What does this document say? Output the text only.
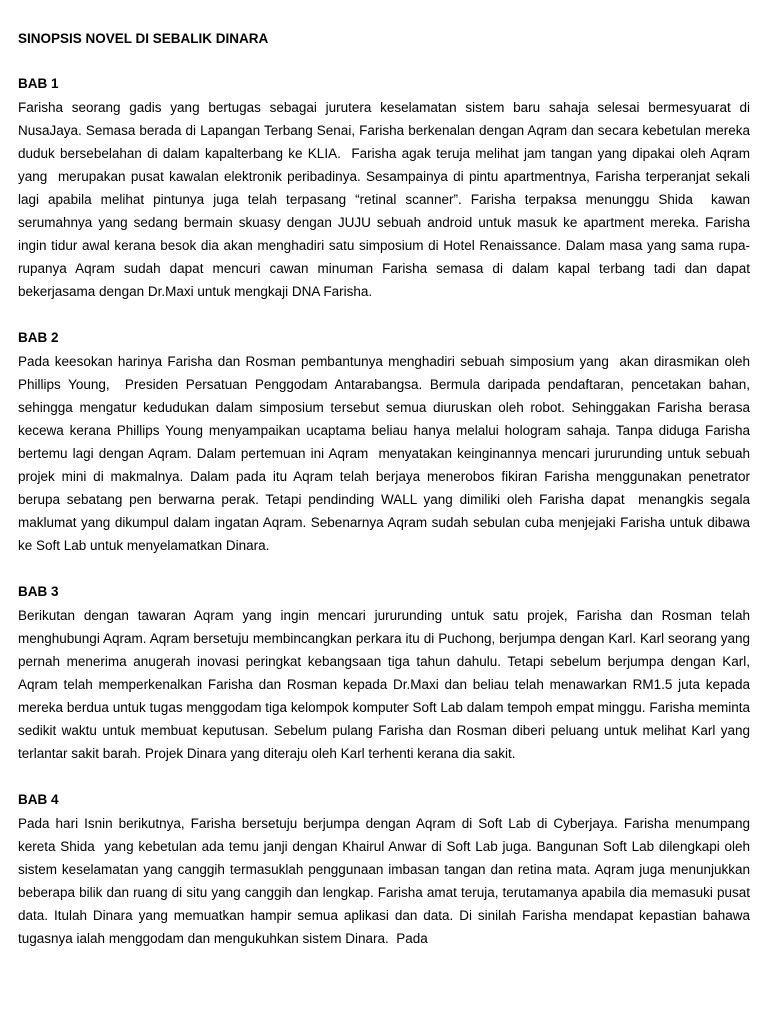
SINOPSIS NOVEL DI SEBALIK DINARA
BAB 1

Farisha seorang gadis yang bertugas sebagai jurutera keselamatan sistem baru sahaja selesai bermesyuarat di NusaJaya. Semasa berada di Lapangan Terbang Senai, Farisha berkenalan dengan Aqram dan secara kebetulan mereka duduk bersebelahan di dalam kapalterbang ke KLIA.  Farisha agak teruja melihat jam tangan yang dipakai oleh Aqram yang  merupakan pusat kawalan elektronik peribadinya. Sesampainya di pintu apartmentnya, Farisha terperanjat sekali lagi apabila melihat pintunya juga telah terpasang “retinal scanner”. Farisha terpaksa menunggu Shida  kawan serumahnya yang sedang bermain skuasy dengan JUJU sebuah android untuk masuk ke apartment mereka. Farisha ingin tidur awal kerana besok dia akan menghadiri satu simposium di Hotel Renaissance. Dalam masa yang sama rupa-rupanya Aqram sudah dapat mencuri cawan minuman Farisha semasa di dalam kapal terbang tadi dan dapat bekerjasama dengan Dr.Maxi untuk mengkaji DNA Farisha.

BAB 2

Pada keesokan harinya Farisha dan Rosman pembantunya menghadiri sebuah simposium yang  akan dirasmikan oleh Phillips Young,  Presiden Persatuan Penggodam Antarabangsa. Bermula daripada pendaftaran, pencetakan bahan, sehingga mengatur kedudukan dalam simposium tersebut semua diuruskan oleh robot. Sehinggakan Farisha berasa kecewa kerana Phillips Young menyampaikan ucaptama beliau hanya melalui hologram sahaja. Tanpa diduga Farisha bertemu lagi dengan Aqram. Dalam pertemuan ini Aqram  menyatakan keinginannya mencari jururunding untuk sebuah projek mini di makmalnya. Dalam pada itu Aqram telah berjaya menerobos fikiran Farisha menggunakan penetrator berupa sebatang pen berwarna perak. Tetapi pendinding WALL yang dimiliki oleh Farisha dapat  menangkis segala maklumat yang dikumpul dalam ingatan Aqram. Sebenarnya Aqram sudah sebulan cuba menjejaki Farisha untuk dibawa ke Soft Lab untuk menyelamatkan Dinara.

BAB 3

Berikutan dengan tawaran Aqram yang ingin mencari jururunding untuk satu projek, Farisha dan Rosman telah menghubungi Aqram. Aqram bersetuju membincangkan perkara itu di Puchong, berjumpa dengan Karl. Karl seorang yang pernah menerima anugerah inovasi peringkat kebangsaan tiga tahun dahulu. Tetapi sebelum berjumpa dengan Karl, Aqram telah memperkenalkan Farisha dan Rosman kepada Dr.Maxi dan beliau telah menawarkan RM1.5 juta kepada mereka berdua untuk tugas menggodam tiga kelompok komputer Soft Lab dalam tempoh empat minggu. Farisha meminta sedikit waktu untuk membuat keputusan. Sebelum pulang Farisha dan Rosman diberi peluang untuk melihat Karl yang terlantar sakit barah. Projek Dinara yang diteraju oleh Karl terhenti kerana dia sakit.

BAB 4

Pada hari Isnin berikutnya, Farisha bersetuju berjumpa dengan Aqram di Soft Lab di Cyberjaya. Farisha menumpang kereta Shida  yang kebetulan ada temu janji dengan Khairul Anwar di Soft Lab juga. Bangunan Soft Lab dilengkapi oleh sistem keselamatan yang canggih termasuklah penggunaan imbasan tangan dan retina mata. Aqram juga menunjukkan beberapa bilik dan ruang di situ yang canggih dan lengkap. Farisha amat teruja, terutamanya apabila dia memasuki pusat data. Itulah Dinara yang memuatkan hampir semua aplikasi dan data. Di sinilah Farisha mendapat kepastian bahawa tugasnya ialah menggodam dan mengukuhkan sistem Dinara.  Pada
